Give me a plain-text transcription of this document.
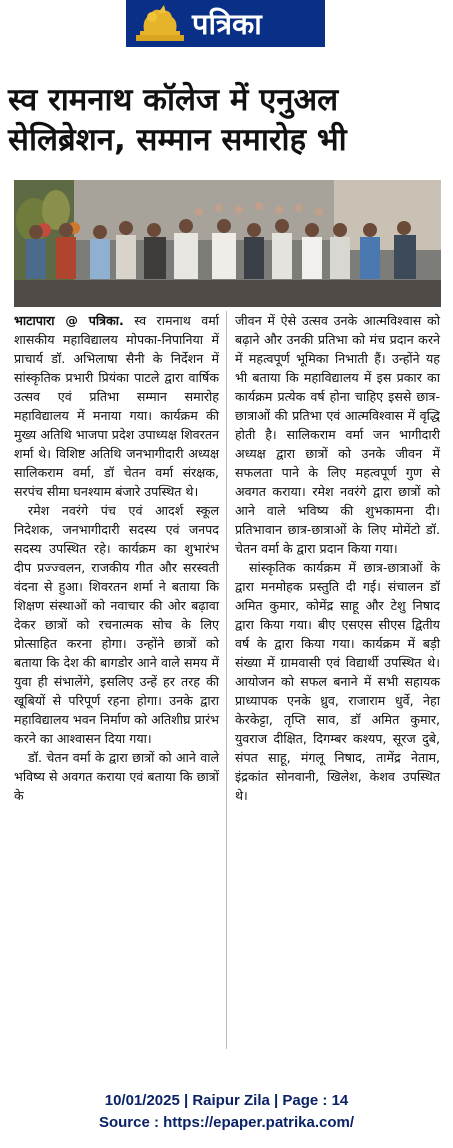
पत्रिका
स्व रामनाथ कॉलेज में एनुअल
सेलिब्रेशन, सम्मान समारोह भी

भाटापारा @ पत्रिका. स्व रामनाथ वर्मा शासकीय महाविद्यालय मोपका-निपानिया में प्राचार्य डॉ. अभिलाषा सैनी के निर्देशन में सांस्कृतिक प्रभारी प्रियंका पाटले द्वारा वार्षिक उत्सव एवं प्रतिभा सम्मान समारोह महाविद्यालय में मनाया गया। कार्यक्रम की मुख्य अतिथि भाजपा प्रदेश उपाध्यक्ष शिवरतन शर्मा थे। विशिष्ट अतिथि जनभागीदारी अध्यक्ष सालिकराम वर्मा, डॉ चेतन वर्मा संरक्षक, सरपंच सीमा घनश्याम बंजारे उपस्थित थे।

रमेश नवरंगे पंच एवं आदर्श स्कूल निदेशक, जनभागीदारी सदस्य एवं जनपद सदस्य उपस्थित रहे। कार्यक्रम का शुभारंभ दीप प्रज्ज्वलन, राजकीय गीत और सरस्वती वंदना से हुआ। शिवरतन शर्मा ने बताया कि शिक्षण संस्थाओं को नवाचार की ओर बढ़ावा देकर छात्रों को रचनात्मक सोच के लिए प्रोत्साहित करना होगा। उन्होंने छात्रों को बताया कि देश की बागडोर आने वाले समय में युवा ही संभालेंगे, इसलिए उन्हें हर तरह की खूबियों से परिपूर्ण रहना होगा। उनके द्वारा महाविद्यालय भवन निर्माण को अतिशीघ्र प्रारंभ करने का आश्वासन दिया गया।

डॉ. चेतन वर्मा के द्वारा छात्रों को आने वाले भविष्य से अवगत कराया एवं बताया कि छात्रों के

जीवन में ऐसे उत्सव उनके आत्मविश्वास को बढ़ाने और उनकी प्रतिभा को मंच प्रदान करने में महत्वपूर्ण भूमिका निभाती हैं। उन्होंने यह भी बताया कि महाविद्यालय में इस प्रकार का कार्यक्रम प्रत्येक वर्ष होना चाहिए इससे छात्र-छात्राओं की प्रतिभा एवं आत्मविश्वास में वृद्धि होती है। सालिकराम वर्मा जन भागीदारी अध्यक्ष द्वारा छात्रों को उनके जीवन में सफलता पाने के लिए महत्वपूर्ण गुण से अवगत कराया। रमेश नवरंगे द्वारा छात्रों को आने वाले भविष्य की शुभकामना दी। प्रतिभावान छात्र-छात्राओं के लिए मोमेंटो डॉ. चेतन वर्मा के द्वारा प्रदान किया गया।

सांस्कृतिक कार्यक्रम में छात्र-छात्राओं के द्वारा मनमोहक प्रस्तुति दी गई। संचालन डॉ अमित कुमार, कोमेंद्र साहू और टेशु निषाद द्वारा किया गया। बीए एसएस सीएस द्वितीय वर्ष के द्वारा किया गया। कार्यक्रम में बड़ी संख्या में ग्रामवासी एवं विद्यार्थी उपस्थित थे। आयोजन को सफल बनाने में सभी सहायक प्राध्यापक एनके ध्रुव, राजाराम धुर्वे, नेहा केरकेट्टा, तृप्ति साव, डॉ अमित कुमार, युवराज दीक्षित, दिगम्बर कश्यप, सूरज दुबे, संपत साहू, मंगलू निषाद, तामेंद्र नेताम, इंद्रकांत सोनवानी, खिलेश, केशव उपस्थित थे।

10/01/2025 | Raipur Zila | Page : 14
Source : https://epaper.patrika.com/
